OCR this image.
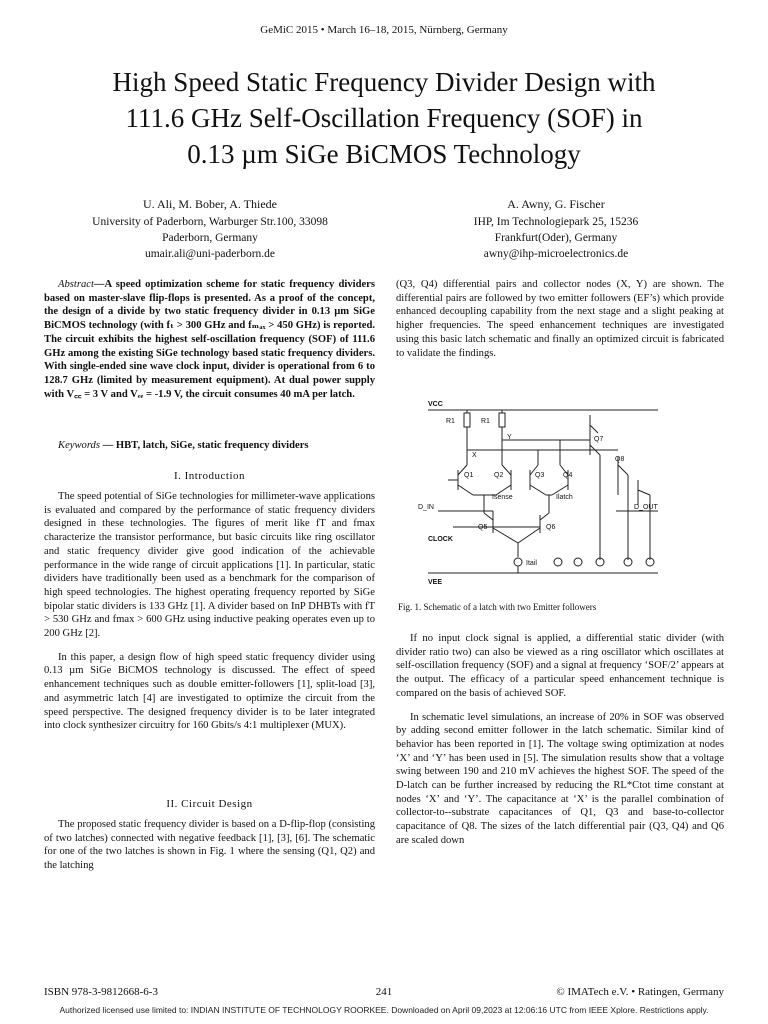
GeMiC 2015 • March 16–18, 2015, Nürnberg, Germany
High Speed Static Frequency Divider Design with
111.6 GHz Self-Oscillation Frequency (SOF) in
0.13 µm SiGe BiCMOS Technology
U. Ali, M. Bober, A. Thiede
University of Paderborn, Warburger Str.100, 33098
Paderborn, Germany
umair.ali@uni-paderborn.de
A. Awny, G. Fischer
IHP, Im Technologiepark 25, 15236
Frankfurt(Oder), Germany
awny@ihp-microelectronics.de

Abstract—A speed optimization scheme for static frequency dividers based on master-slave flip-flops is presented. As a proof of the concept, the design of a divide by two static frequency divider in 0.13 µm SiGe BiCMOS technology (with fₜ > 300 GHz and fₘₐₓ > 450 GHz) is reported. The circuit exhibits the highest self-oscillation frequency (SOF) of 111.6 GHz among the existing SiGe technology based static frequency dividers. With single-ended sine wave clock input, divider is operational from 6 to 128.7 GHz (limited by measurement equipment). At dual power supply with V꜀꜀ = 3 V and Vₑₑ = -1.9 V, the circuit consumes 40 mA per latch.

Keywords — HBT, latch, SiGe, static frequency dividers
I. Introduction

The speed potential of SiGe technologies for millimeter-wave applications is evaluated and compared by the performance of static frequency dividers designed in these technologies. The figures of merit like fT and fmax characterize the transistor performance, but basic circuits like ring oscillator and static frequency divider give good indication of the achievable performance in the wide range of circuit applications [1]. In particular, static dividers have traditionally been used as a benchmark for the comparison of high speed technologies. The highest operating frequency reported by SiGe bipolar static dividers is 133 GHz [1]. A divider based on InP DHBTs with fT > 530 GHz and fmax > 600 GHz using inductive peaking operates even up to 200 GHz [2].

In this paper, a design flow of high speed static frequency divider using 0.13 µm SiGe BiCMOS technology is discussed. The effect of speed enhancement techniques such as double emitter-followers [1], split-load [3], and asymmetric latch [4] are investigated to optimize the circuit from the speed perspective. The designed frequency divider is to be later integrated into clock synthesizer circuitry for 160 Gbits/s 4:1 multiplexer (MUX).

II. Circuit Design

The proposed static frequency divider is based on a D-flip-flop (consisting of two latches) connected with negative feedback [1], [3], [6]. The schematic for one of the two latches is shown in Fig. 1 where the sensing (Q1, Q2) and the latching

(Q3, Q4) differential pairs and collector nodes (X, Y) are shown. The differential pairs are followed by two emitter followers (EF’s) which provide enhanced decoupling capability from the next stage and a slight peaking at higher frequencies. The speed enhancement techniques are investigated using this basic latch schematic and finally an optimized circuit is fabricated to validate the findings.

VCC
VEE
R1	R1
X
Y
Q1	Q2	Q3	Q4
Q5	Q6
Q7
Q8
Isense	Ilatch
Itail
D_IN	D_OUT
CLOCK
Fig. 1. Schematic of a latch with two Emitter followers

If no input clock signal is applied, a differential static divider (with divider ratio two) can also be viewed as a ring oscillator which oscillates at self-oscillation frequency (SOF) and a signal at frequency ‘SOF/2’ appears at the output. The efficacy of a particular speed enhancement technique is compared on the basis of achieved SOF.

In schematic level simulations, an increase of 20% in SOF was observed by adding second emitter follower in the latch schematic. Similar kind of behavior has been reported in [1]. The voltage swing optimization at nodes ‘X’ and ‘Y’ has been used in [5]. The simulation results show that a voltage swing between 190 and 210 mV achieves the highest SOF. The speed of the D-latch can be further increased by reducing the RL*Ctot time constant at nodes ‘X’ and ‘Y’. The capacitance at ‘X’ is the parallel combination of collector-to--substrate capacitances of Q1, Q3 and base-to-collector capacitance of Q8. The sizes of the latch differential pair (Q3, Q4) and Q6 are scaled down

ISBN 978-3-9812668-6-3	241	© IMATech e.V. • Ratingen, Germany
Authorized licensed use limited to: INDIAN INSTITUTE OF TECHNOLOGY ROORKEE. Downloaded on April 09,2023 at 12:06:16 UTC from IEEE Xplore. Restrictions apply.
